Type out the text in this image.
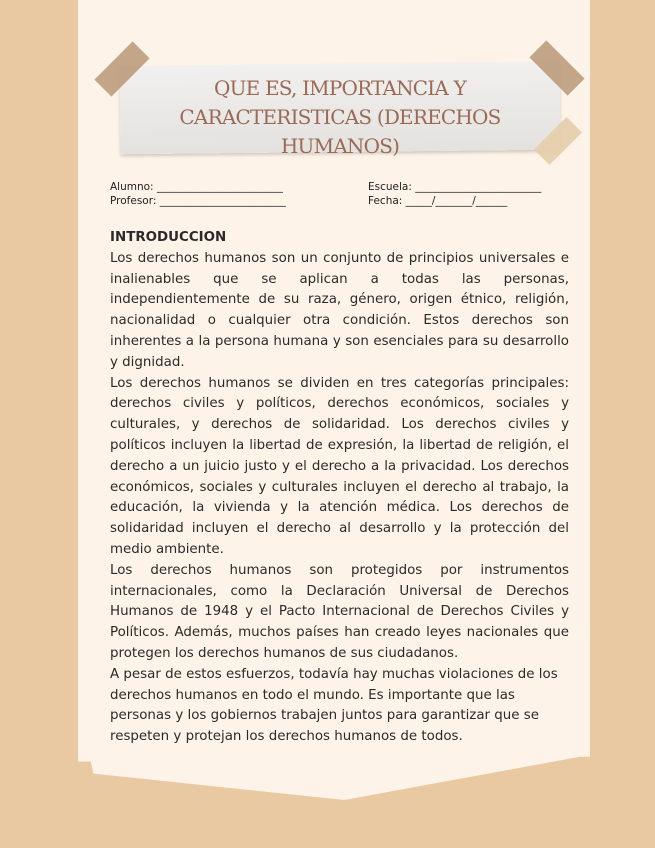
QUE ES, IMPORTANCIA Y
CARACTERISTICAS (DERECHOS HUMANOS)
Alumno: ________________________	Escuela: ________________________
Profesor: ________________________	Fecha: _____/_______/______
INTRODUCCION

Los derechos humanos son un conjunto de principios universales e inalienables que se aplican a todas las personas, independientemente de su raza, género, origen étnico, religión, nacionalidad o cualquier otra condición. Estos derechos son inherentes a la persona humana y son esenciales para su desarrollo y dignidad.

Los derechos humanos se dividen en tres categorías principales: derechos civiles y políticos, derechos económicos, sociales y culturales, y derechos de solidaridad. Los derechos civiles y políticos incluyen la libertad de expresión, la libertad de religión, el derecho a un juicio justo y el derecho a la privacidad. Los derechos económicos, sociales y culturales incluyen el derecho al trabajo, la educación, la vivienda y la atención médica. Los derechos de solidaridad incluyen el derecho al desarrollo y la protección del medio ambiente.

Los derechos humanos son protegidos por instrumentos internacionales, como la Declaración Universal de Derechos Humanos de 1948 y el Pacto Internacional de Derechos Civiles y Políticos. Además, muchos países han creado leyes nacionales que protegen los derechos humanos de sus ciudadanos.

A pesar de estos esfuerzos, todavía hay muchas violaciones de los derechos humanos en todo el mundo. Es importante que las personas y los gobiernos trabajen juntos para garantizar que se respeten y protejan los derechos humanos de todos.
